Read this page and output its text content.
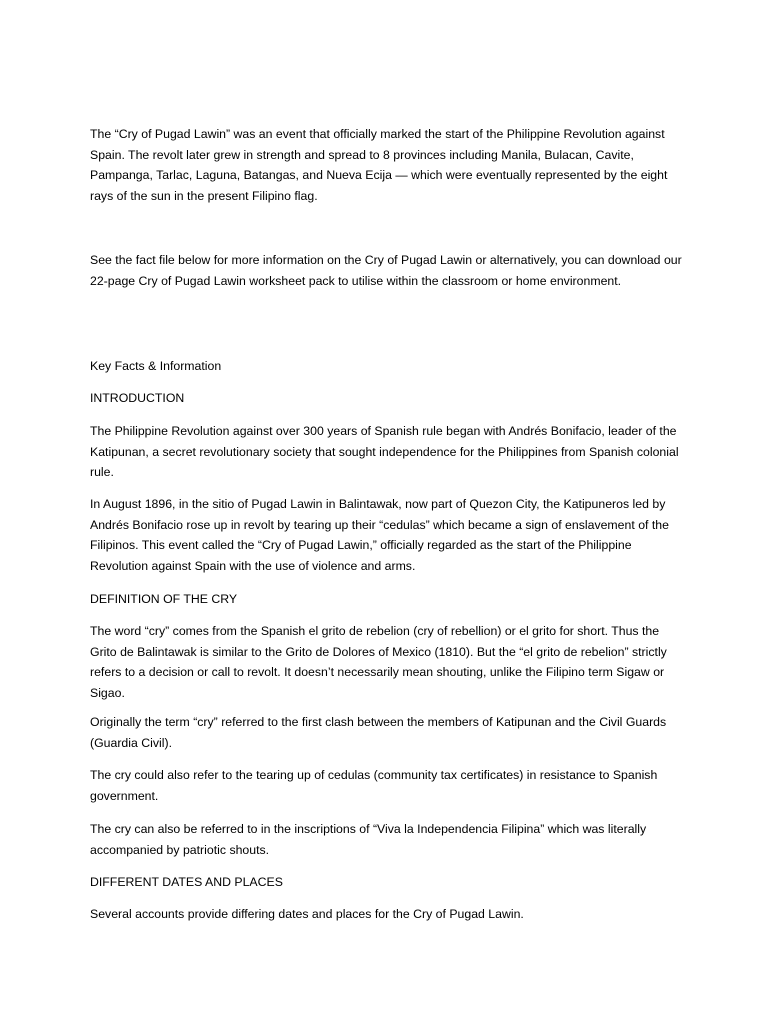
The “Cry of Pugad Lawin” was an event that officially marked the start of the Philippine Revolution against Spain. The revolt later grew in strength and spread to 8 provinces including Manila, Bulacan, Cavite, Pampanga, Tarlac, Laguna, Batangas, and Nueva Ecija — which were eventually represented by the eight rays of the sun in the present Filipino flag.

See the fact file below for more information on the Cry of Pugad Lawin or alternatively, you can download our 22-page Cry of Pugad Lawin worksheet pack to utilise within the classroom or home environment.

Key Facts & Information

INTRODUCTION

The Philippine Revolution against over 300 years of Spanish rule began with Andrés Bonifacio, leader of the Katipunan, a secret revolutionary society that sought independence for the Philippines from Spanish colonial rule.

In August 1896, in the sitio of Pugad Lawin in Balintawak, now part of Quezon City, the Katipuneros led by Andrés Bonifacio rose up in revolt by tearing up their “cedulas” which became a sign of enslavement of the Filipinos. This event called the “Cry of Pugad Lawin,” officially regarded as the start of the Philippine Revolution against Spain with the use of violence and arms.

DEFINITION OF THE CRY

The word “cry” comes from the Spanish el grito de rebelion (cry of rebellion) or el grito for short. Thus the Grito de Balintawak is similar to the Grito de Dolores of Mexico (1810). But the “el grito de rebelion” strictly refers to a decision or call to revolt. It doesn’t necessarily mean shouting, unlike the Filipino term Sigaw or Sigao.

Originally the term “cry” referred to the first clash between the members of Katipunan and the Civil Guards (Guardia Civil).

The cry could also refer to the tearing up of cedulas (community tax certificates) in resistance to Spanish government.

The cry can also be referred to in the inscriptions of “Viva la Independencia Filipina” which was literally accompanied by patriotic shouts.

DIFFERENT DATES AND PLACES

Several accounts provide differing dates and places for the Cry of Pugad Lawin.
